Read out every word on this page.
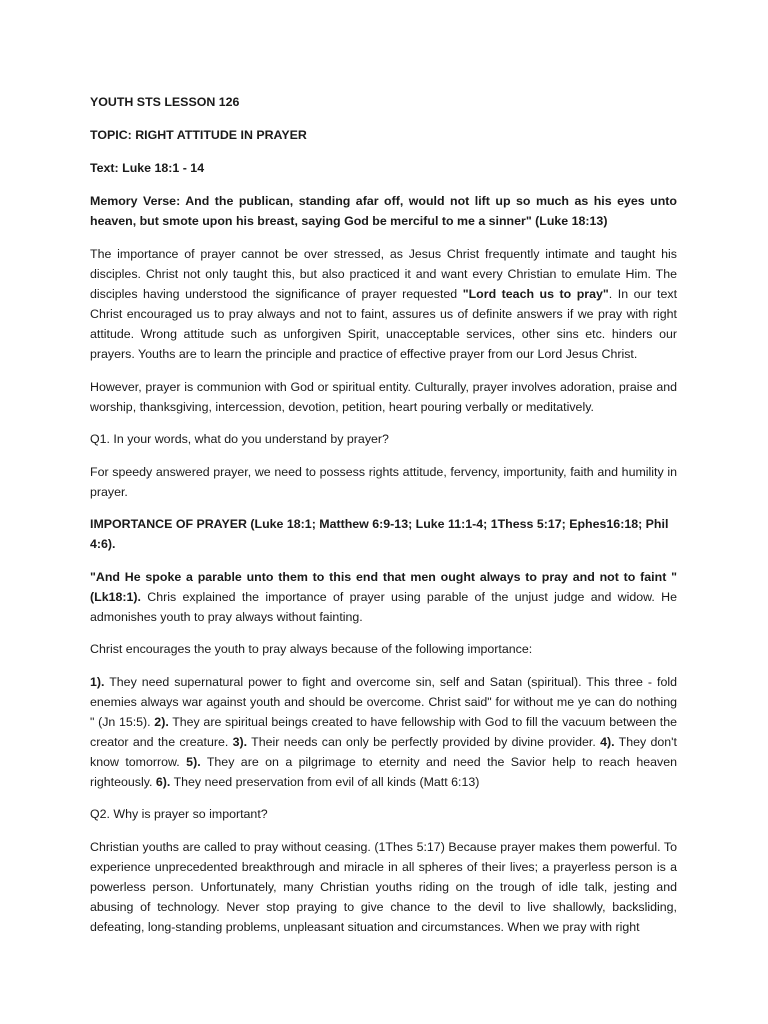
YOUTH STS LESSON 126

TOPIC: RIGHT ATTITUDE IN PRAYER

Text: Luke 18:1 - 14

Memory Verse: And the publican, standing afar off, would not lift up so much as his eyes unto heaven, but smote upon his breast, saying God be merciful to me a sinner" (Luke 18:13)

The importance of prayer cannot be over stressed, as Jesus Christ frequently intimate and taught his disciples. Christ not only taught this, but also practiced it and want every Christian to emulate Him. The disciples having understood the significance of prayer requested "Lord teach us to pray". In our text Christ encouraged us to pray always and not to faint, assures us of definite answers if we pray with right attitude. Wrong attitude such as unforgiven Spirit, unacceptable services, other sins etc. hinders our prayers. Youths are to learn the principle and practice of effective prayer from our Lord Jesus Christ.

However, prayer is communion with God or spiritual entity. Culturally, prayer involves adoration, praise and worship, thanksgiving, intercession, devotion, petition, heart pouring verbally or meditatively.

Q1. In your words, what do you understand by prayer?

For speedy answered prayer, we need to possess rights attitude, fervency, importunity, faith and humility in prayer.

IMPORTANCE OF PRAYER (Luke 18:1; Matthew 6:9-13; Luke 11:1-4; 1Thess 5:17; Ephes16:18; Phil 4:6).

"And He spoke a parable unto them to this end that men ought always to pray and not to faint " (Lk18:1). Chris explained the importance of prayer using parable of the unjust judge and widow. He admonishes youth to pray always without fainting.

Christ encourages the youth to pray always because of the following importance:

1). They need supernatural power to fight and overcome sin, self and Satan (spiritual). This three - fold enemies always war against youth and should be overcome. Christ said" for without me ye can do nothing " (Jn 15:5). 2). They are spiritual beings created to have fellowship with God to fill the vacuum between the creator and the creature. 3). Their needs can only be perfectly provided by divine provider. 4). They don't know tomorrow. 5). They are on a pilgrimage to eternity and need the Savior help to reach heaven righteously. 6). They need preservation from evil of all kinds (Matt 6:13)

Q2. Why is prayer so important?

Christian youths are called to pray without ceasing. (1Thes 5:17) Because prayer makes them powerful. To experience unprecedented breakthrough and miracle in all spheres of their lives; a prayerless person is a powerless person. Unfortunately, many Christian youths riding on the trough of idle talk, jesting and abusing of technology. Never stop praying to give chance to the devil to live shallowly, backsliding, defeating, long-standing problems, unpleasant situation and circumstances. When we pray with right
